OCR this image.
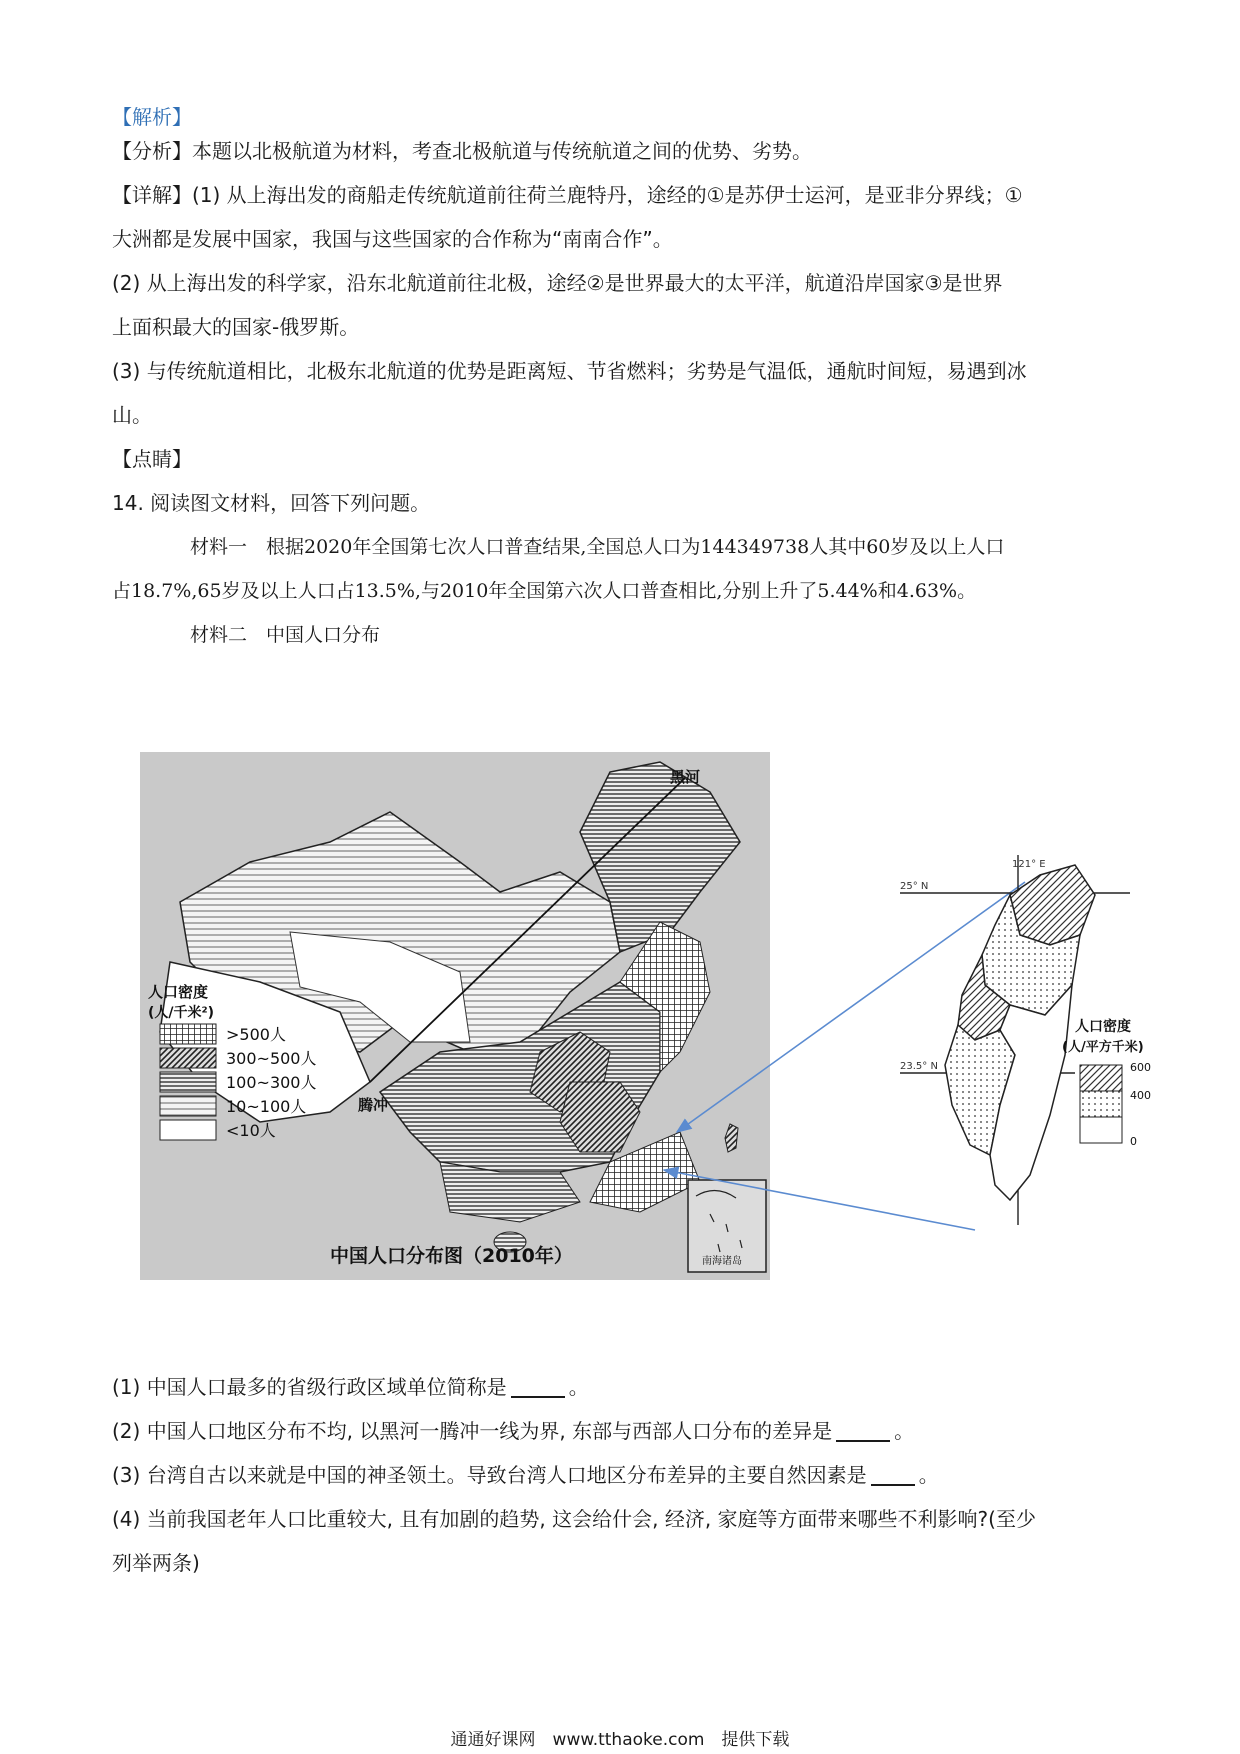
【解析】
【分析】本题以北极航道为材料，考查北极航道与传统航道之间的优势、劣势。
【详解】(1) 从上海出发的商船走传统航道前往荷兰鹿特丹，途经的①是苏伊士运河，是亚非分界线；①
大洲都是发展中国家，我国与这些国家的合作称为“南南合作”。
(2) 从上海出发的科学家，沿东北航道前往北极，途经②是世界最大的太平洋，航道沿岸国家③是世界
上面积最大的国家-俄罗斯。
(3) 与传统航道相比，北极东北航道的优势是距离短、节省燃料；劣势是气温低，通航时间短，易遇到冰
山。
【点睛】
14. 阅读图文材料，回答下列问题。
材料一　根据2020年全国第七次人口普查结果,全国总人口为144349738人其中60岁及以上人口
占18.7%,65岁及以上人口占13.5%,与2010年全国第六次人口普查相比,分别上升了5.44%和4.63%。
材料二　中国人口分布
黑河
腾冲
南海诸岛
人口密度
(人/千米²)
>500人
300~500人
100~300人
10~100人
<10人
中国人口分布图（2010年）
121° E
25° N
23.5° N
人口密度
(人/平方千米)
600
400
0
(1) 中国人口最多的省级行政区域单位简称是	。
(2) 中国人口地区分布不均, 以黑河一腾冲一线为界, 东部与西部人口分布的差异是	。
(3) 台湾自古以来就是中国的神圣领土。导致台湾人口地区分布差异的主要自然因素是	。
(4) 当前我国老年人口比重较大, 且有加剧的趋势, 这会给什会, 经济, 家庭等方面带来哪些不利影响?(至少
列举两条)
通通好课网　www.tthaoke.com　提供下载
